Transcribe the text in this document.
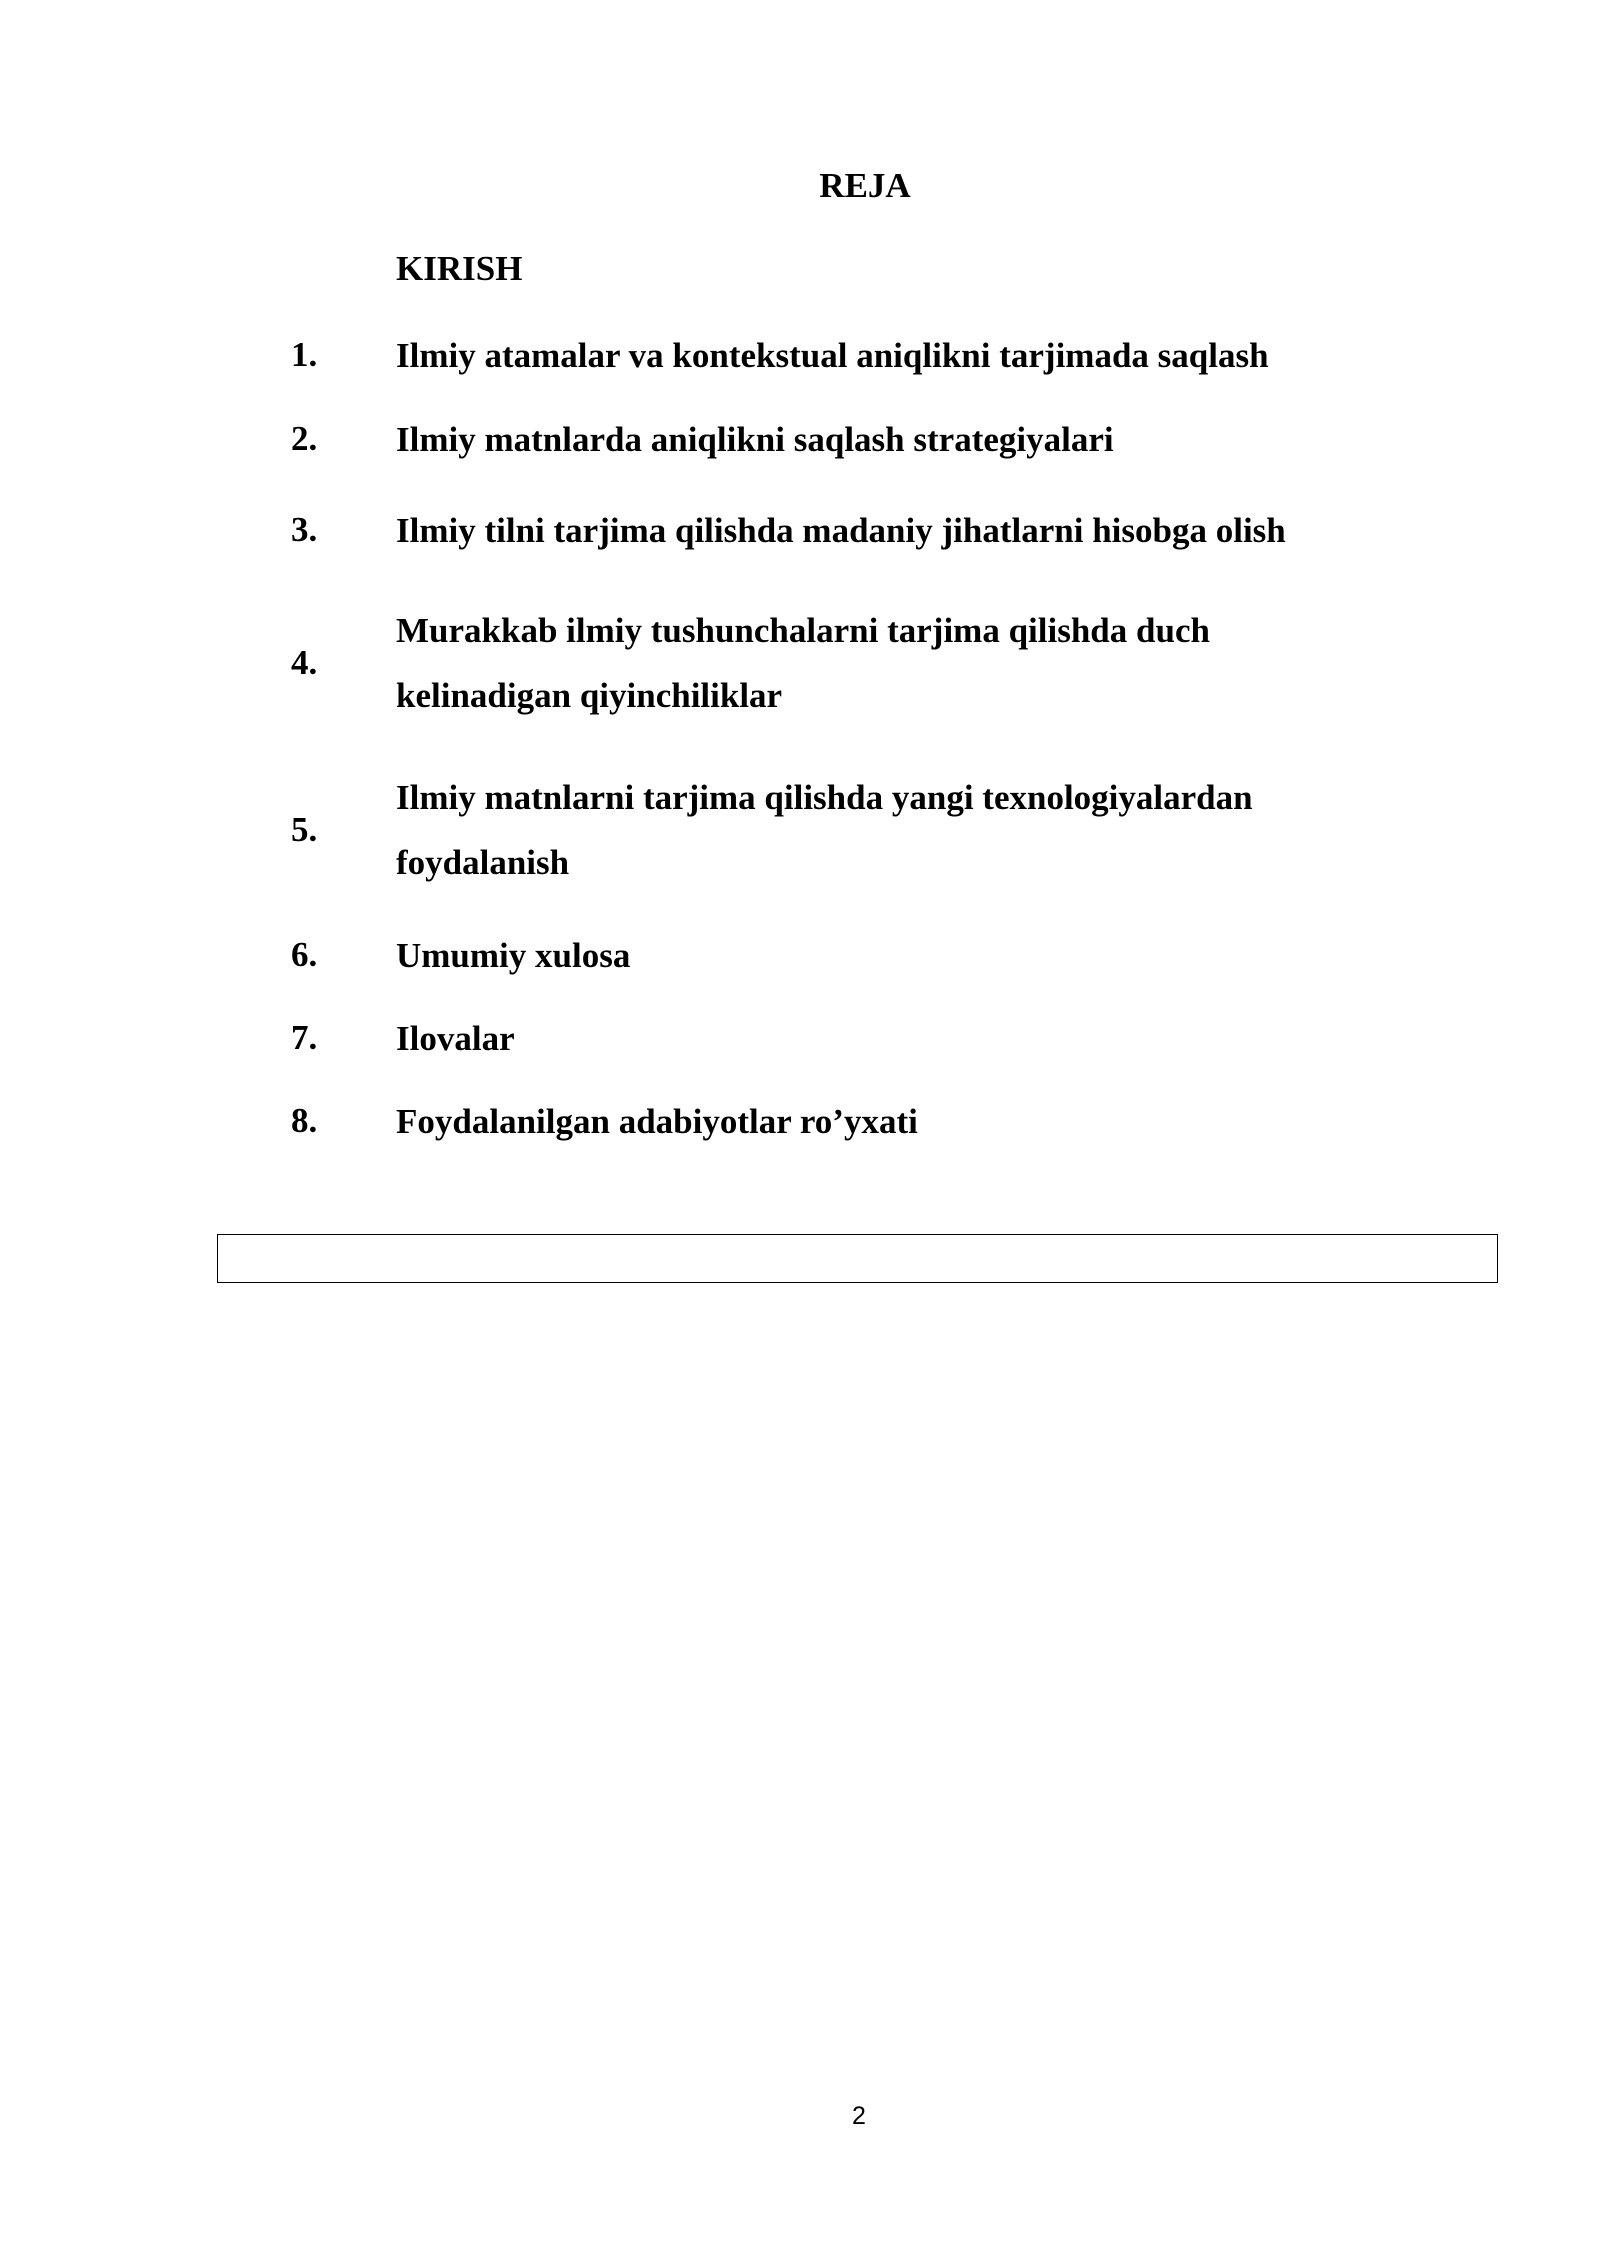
REJA
KIRISH
1. Ilmiy atamalar va kontekstual aniqlikni tarjimada saqlash
2. Ilmiy matnlarda aniqlikni saqlash strategiyalari
3. Ilmiy tilni tarjima qilishda madaniy jihatlarni hisobga olish
4.
Murakkab ilmiy tushunchalarni tarjima qilishda duch kelinadigan qiyinchiliklar
5.
Ilmiy matnlarni tarjima qilishda yangi texnologiyalardan foydalanish
6. Umumiy xulosa
7. Ilovalar
8. Foydalanilgan adabiyotlar ro’yxati
2
